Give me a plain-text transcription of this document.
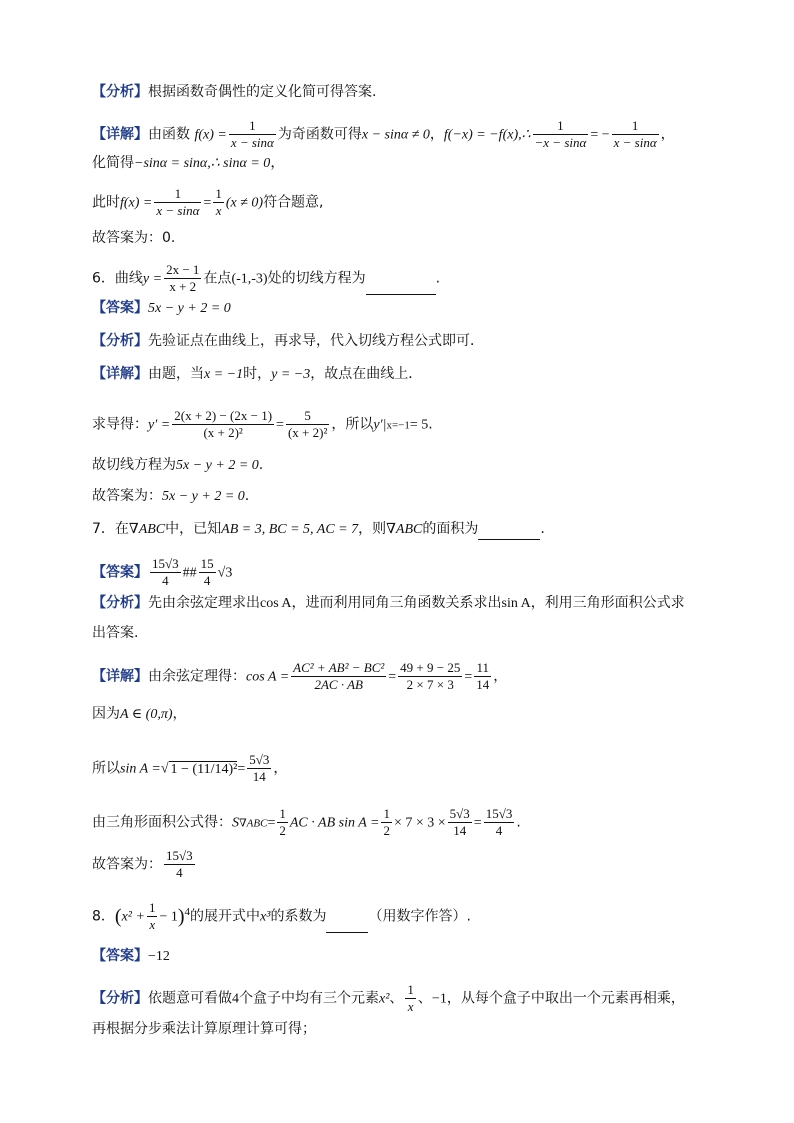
【分析】根据函数奇偶性的定义化简可得答案.
【详解】由函数 $f(x) = \frac{1}{x - \sin\alpha}$ 为奇函数可得x − sinα ≠ 0，f(−x) = −f(x),∴ $\frac{1}{-x - \sin\alpha}$ = − $\frac{1}{x - \sin\alpha}$ ，
化简得−sinα = sinα,∴ sinα = 0，
此时$f(x) = \frac{1}{x - \sin\alpha} = \frac{1}{x} (x \ne 0)$符合题意,
故答案为：0.
6．曲线$y = \frac{2x - 1}{x + 2}$ 在点(-1,-3)处的切线方程为	.
【答案】5x − y + 2 = 0
【分析】先验证点在曲线上，再求导，代入切线方程公式即可．
【详解】由题，当x = −1时，y = −3，故点在曲线上．
求导得：$y' = \frac{2(x + 2) - (2x - 1)}{\text{(x + 2)²}} = \frac{5}{\text{(x + 2)²}}$ ，所以y′|x=−1= 5.
故切线方程为5x − y + 2 = 0.
故答案为：5x − y + 2 = 0.
7．在∇ABC中，已知AB = 3, BC = 5, AC = 7，则∇ABC的面积为	.
【答案】 $\frac{15√3}{4}$ ## $\frac{15}{4} √3$
【分析】先由余弦定理求出cos A，进而利用同角三角函数关系求出sin A，利用三角形面积公式求
出答案.
【详解】由余弦定理得：$\cos A = \frac{\text{AC² + AB² − BC²}}{2AC \cdot AB} = \frac{49 + 9 - 25}{2 \times 7 \times 3} = \frac{11}{14}$ ，
因为A ∈ (0,π)，
所以sin A =√ $1 - (11/14)^2= \frac{5√3}{14}$ ，
由三角形面积公式得：$S\nabla ABC= \frac{1}{2}$ AC · AB $\sin A = \frac{1}{2} \times 7 \times 3 \times \frac{5√3}{14} = \frac{15√3}{4}$ .
故答案为： $\frac{15√3}{4}$
8．$(x^2 + \frac{1}{x} - 1)^4$的展开式中x³的系数为	（用数字作答）.
【答案】−12
【分析】依题意可看做4个盒子中均有三个元素x²、 $\frac{1}{x}$ 、−1，从每个盒子中取出一个元素再相乘，
再根据分步乘法计算原理计算可得；
